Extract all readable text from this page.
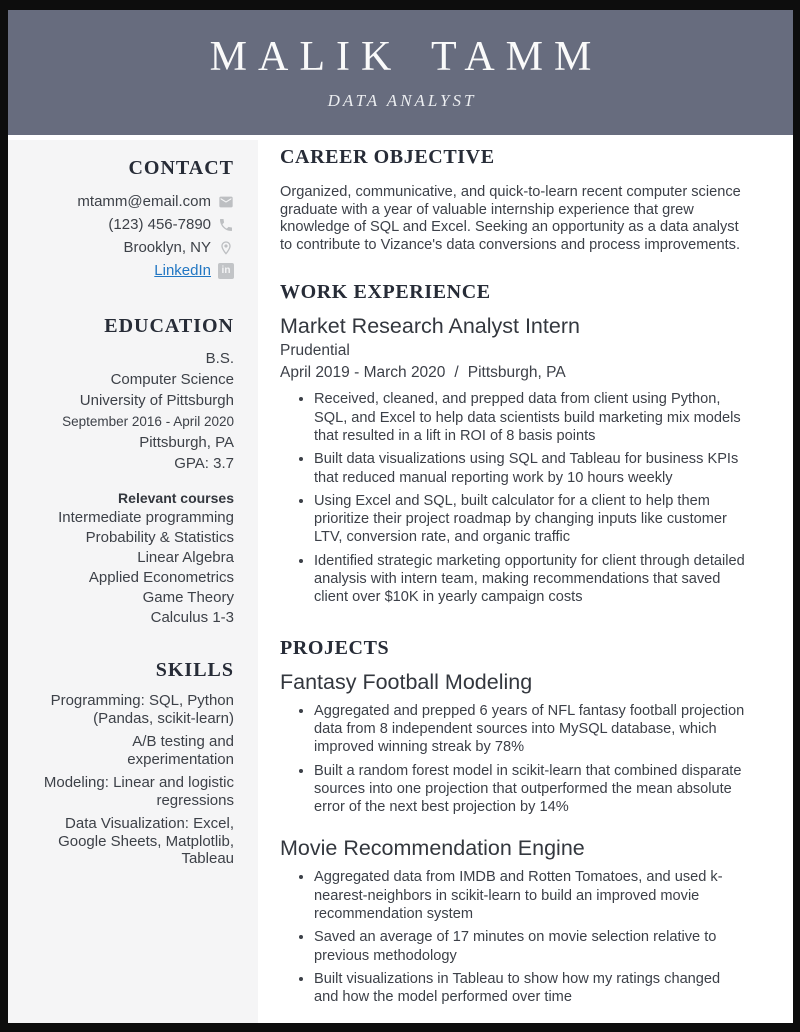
MALIK TAMM
DATA ANALYST
CONTACT
mtamm@email.com
(123) 456-7890
Brooklyn, NY
LinkedIn	in
EDUCATION
B.S.
Computer Science
University of Pittsburgh
September 2016 - April 2020
Pittsburgh, PA
GPA: 3.7
Relevant courses
Intermediate programming
Probability & Statistics
Linear Algebra
Applied Econometrics
Game Theory
Calculus 1-3
SKILLS
Programming: SQL, Python (Pandas, scikit-learn)
A/B testing and experimentation
Modeling: Linear and logistic regressions
Data Visualization: Excel, Google Sheets, Matplotlib, Tableau
CAREER OBJECTIVE
Organized, communicative, and quick-to-learn recent computer science graduate with a year of valuable internship experience that grew knowledge of SQL and Excel. Seeking an opportunity as a data analyst to contribute to Vizance's data conversions and process improvements.
WORK EXPERIENCE
Market Research Analyst Intern
Prudential
April 2019 - March 2020 / Pittsburgh, PA
• Received, cleaned, and prepped data from client using Python, SQL, and Excel to help data scientists build marketing mix models that resulted in a lift in ROI of 8 basis points
• Built data visualizations using SQL and Tableau for business KPIs that reduced manual reporting work by 10 hours weekly
• Using Excel and SQL, built calculator for a client to help them prioritize their project roadmap by changing inputs like customer LTV, conversion rate, and organic traffic
• Identified strategic marketing opportunity for client through detailed analysis with intern team, making recommendations that saved client over $10K in yearly campaign costs
PROJECTS
Fantasy Football Modeling
• Aggregated and prepped 6 years of NFL fantasy football projection data from 8 independent sources into MySQL database, which improved winning streak by 78%
• Built a random forest model in scikit-learn that combined disparate sources into one projection that outperformed the mean absolute error of the next best projection by 14%
Movie Recommendation Engine
• Aggregated data from IMDB and Rotten Tomatoes, and used k-nearest-neighbors in scikit-learn to build an improved movie recommendation system
• Saved an average of 17 minutes on movie selection relative to previous methodology
• Built visualizations in Tableau to show how my ratings changed and how the model performed over time
